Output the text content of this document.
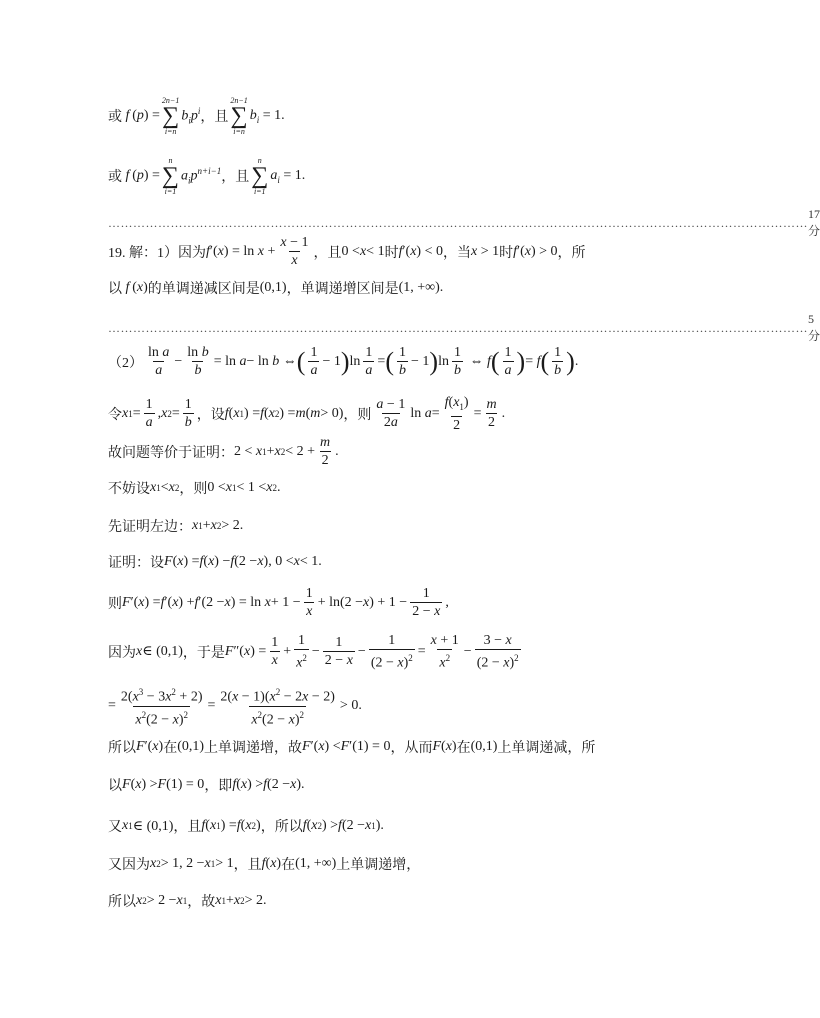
或 f  ( p ) =
2n−1
∑
i=n
$b_ip^i$ ，且
2n−1
∑
i=n
$b_i = 1$.
或 f  ( p ) =
n
∑
i=1
$a_ip^{n+i-1}$ ，且
n
∑
i=1
$a_i = 1$.
……………………………………………………………………………………………………………………………………………………
17 分
19. 解：1）因为 f ′( x ) = $\ln x + \frac{x - 1}{x}$ ，且 0 < x < 1 时 f ′( x ) < 0 ，当 x > 1 时 f ′( x ) > 0 ，所
以 f  ( x ) 的单调递减区间是 (0,1) ，单调递增区间是 (1, +∞) .
……………………………………………………………………………………………………………………………………………………
5 分
$(2) \frac{\text{ln a}}{a} - \frac{\text{ln b}}{b} = \ln a - \ln b$ ⇔ ( $\frac{1}{a} - 1$ ) $\ln \frac{1}{a}$ = ( $\frac{1}{b} - 1$ ) $\ln \frac{1}{b}$ ⇔ f ( $\frac{1}{a}$ ) = f ( $\frac{1}{b}$ ) .
令 x $1 = \frac{1}{a}$ , x $2 = \frac{1}{b}$ ，设 f ( x 1 ) = f ( x 2 ) = m ( m > 0) ，则 $\frac{a - 1}{2a}$ $\ln a = \frac{f(x_1)}{2} = \frac{m}{2}$ .
故问题等价于证明： 2 < x 1 + x $2 < 2 + \frac{m}{2}$ .
不妨设 x 1 < x 2 ，则 0 < x 1 < 1 < x 2 .
先证明左边： x 1 + x 2 > 2.
证明：设 F ( x ) = f ( x ) − f (2 − x ), 0 < x < 1.
则 F ′( x ) = f ′( x ) + f ′(2 − x ) = $\ln x + 1 - \frac{1}{x} + \ln(2 - x$ ) + $1 - \frac{1}{2 - x}$ ,
因为 x ∈ (0,1) ，于是 F ″( x ) = $\frac{1}{x} + \frac{1}{x^2} - \frac{1}{2 - x} - \frac{1}{(2 - x)^2} = \frac{x + 1}{x^2} - \frac{3 - x}{(2 - x)^2}$
= $\frac{2(x^3 - 3x^2 + 2)}{x^2(2 - x)^2} = \frac{2(x - 1)(x^2 - 2x - 2)}{x^2(2 - x)^2} > 0$.
所以 F ′( x ) 在 (0,1) 上单调递增，故 F ′( x ) < F ′(1) = 0 ，从而 F ( x ) 在 (0,1) 上单调递减，所
以 F ( x ) > F (1) = 0 ，即 f ( x ) > f (2 − x ).
又 x 1 ∈ (0,1) ，且 f ( x 1 ) = f ( x 2 ) ，所以 f ( x 2 ) > f (2 − x 1 ).
又因为 x 2 > 1, 2 − x 1 > 1 ，且 f ( x ) 在 (1, +∞) 上单调递增，
所以 x 2 > 2 − x 1 ，故 x 1 + x 2 > 2.
